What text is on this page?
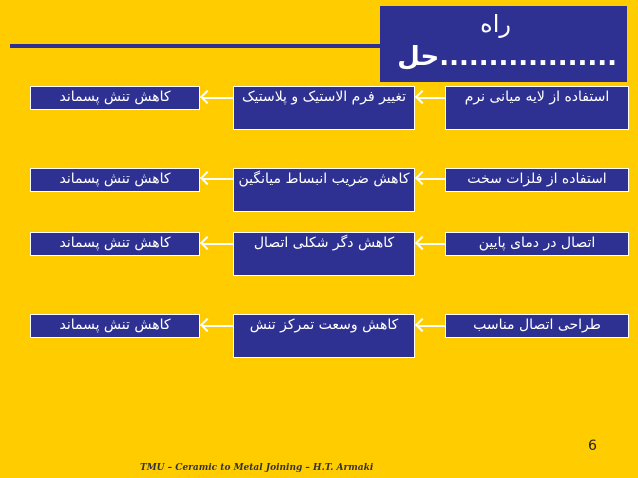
راه
حل..................
استفاده از لایه میانی نرم
تغییر فرم الاستیک و پلاستیک
کاهش تنش پسماند
استفاده از فلزات سخت
کاهش ضریب انبساط میانگین
کاهش تنش پسماند
اتصال در دمای پایین
کاهش دگر شکلی اتصال
کاهش تنش پسماند
طراحی اتصال مناسب
کاهش وسعت تمرکز تنش
کاهش تنش پسماند
6
TMU – Ceramic to Metal Joining – H.T. Armaki
